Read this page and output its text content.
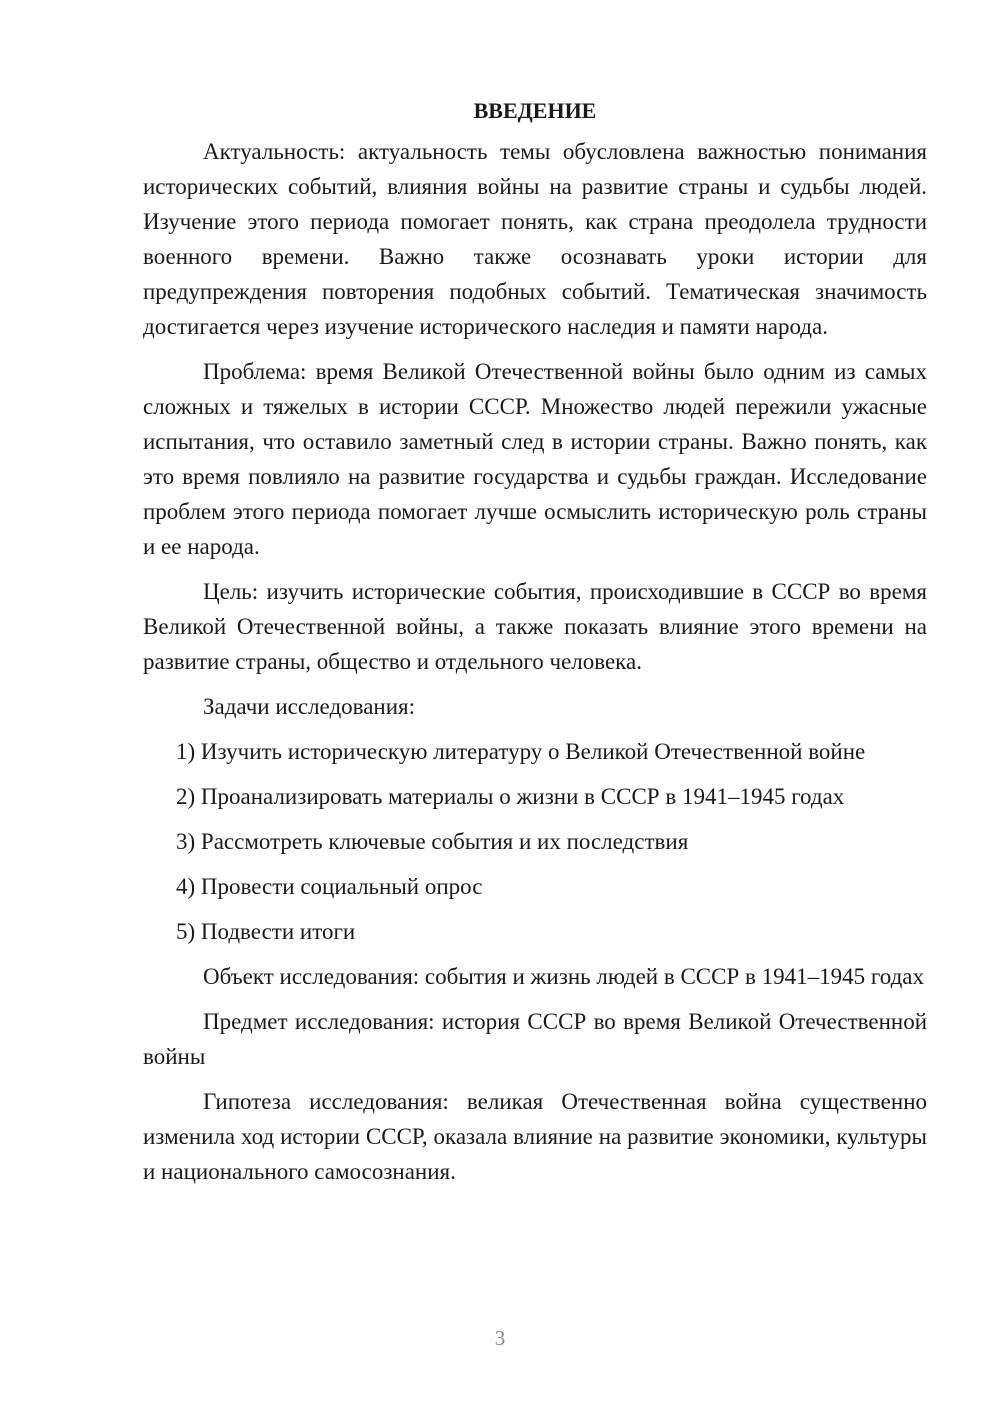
ВВЕДЕНИЕ

Актуальность: актуальность темы обусловлена важностью понимания исторических событий, влияния войны на развитие страны и судьбы людей. Изучение этого периода помогает понять, как страна преодолела трудности военного времени. Важно также осознавать уроки истории для предупреждения повторения подобных событий. Тематическая значимость достигается через изучение исторического наследия и памяти народа.

Проблема: время Великой Отечественной войны было одним из самых сложных и тяжелых в истории СССР. Множество людей пережили ужасные испытания, что оставило заметный след в истории страны. Важно понять, как это время повлияло на развитие государства и судьбы граждан. Исследование проблем этого периода помогает лучше осмыслить историческую роль страны и ее народа.

Цель: изучить исторические события, происходившие в СССР во время Великой Отечественной войны, а также показать влияние этого времени на развитие страны, общество и отдельного человека.

Задачи исследования:

1) Изучить историческую литературу о Великой Отечественной войне
2) Проанализировать материалы о жизни в СССР в 1941–1945 годах
3) Рассмотреть ключевые события и их последствия
4) Провести социальный опрос
5) Подвести итоги

Объект исследования: события и жизнь людей в СССР в 1941–1945 годах

Предмет исследования: история СССР во время Великой Отечественной войны

Гипотеза исследования: великая Отечественная война существенно изменила ход истории СССР, оказала влияние на развитие экономики, культуры и национального самосознания.

3
